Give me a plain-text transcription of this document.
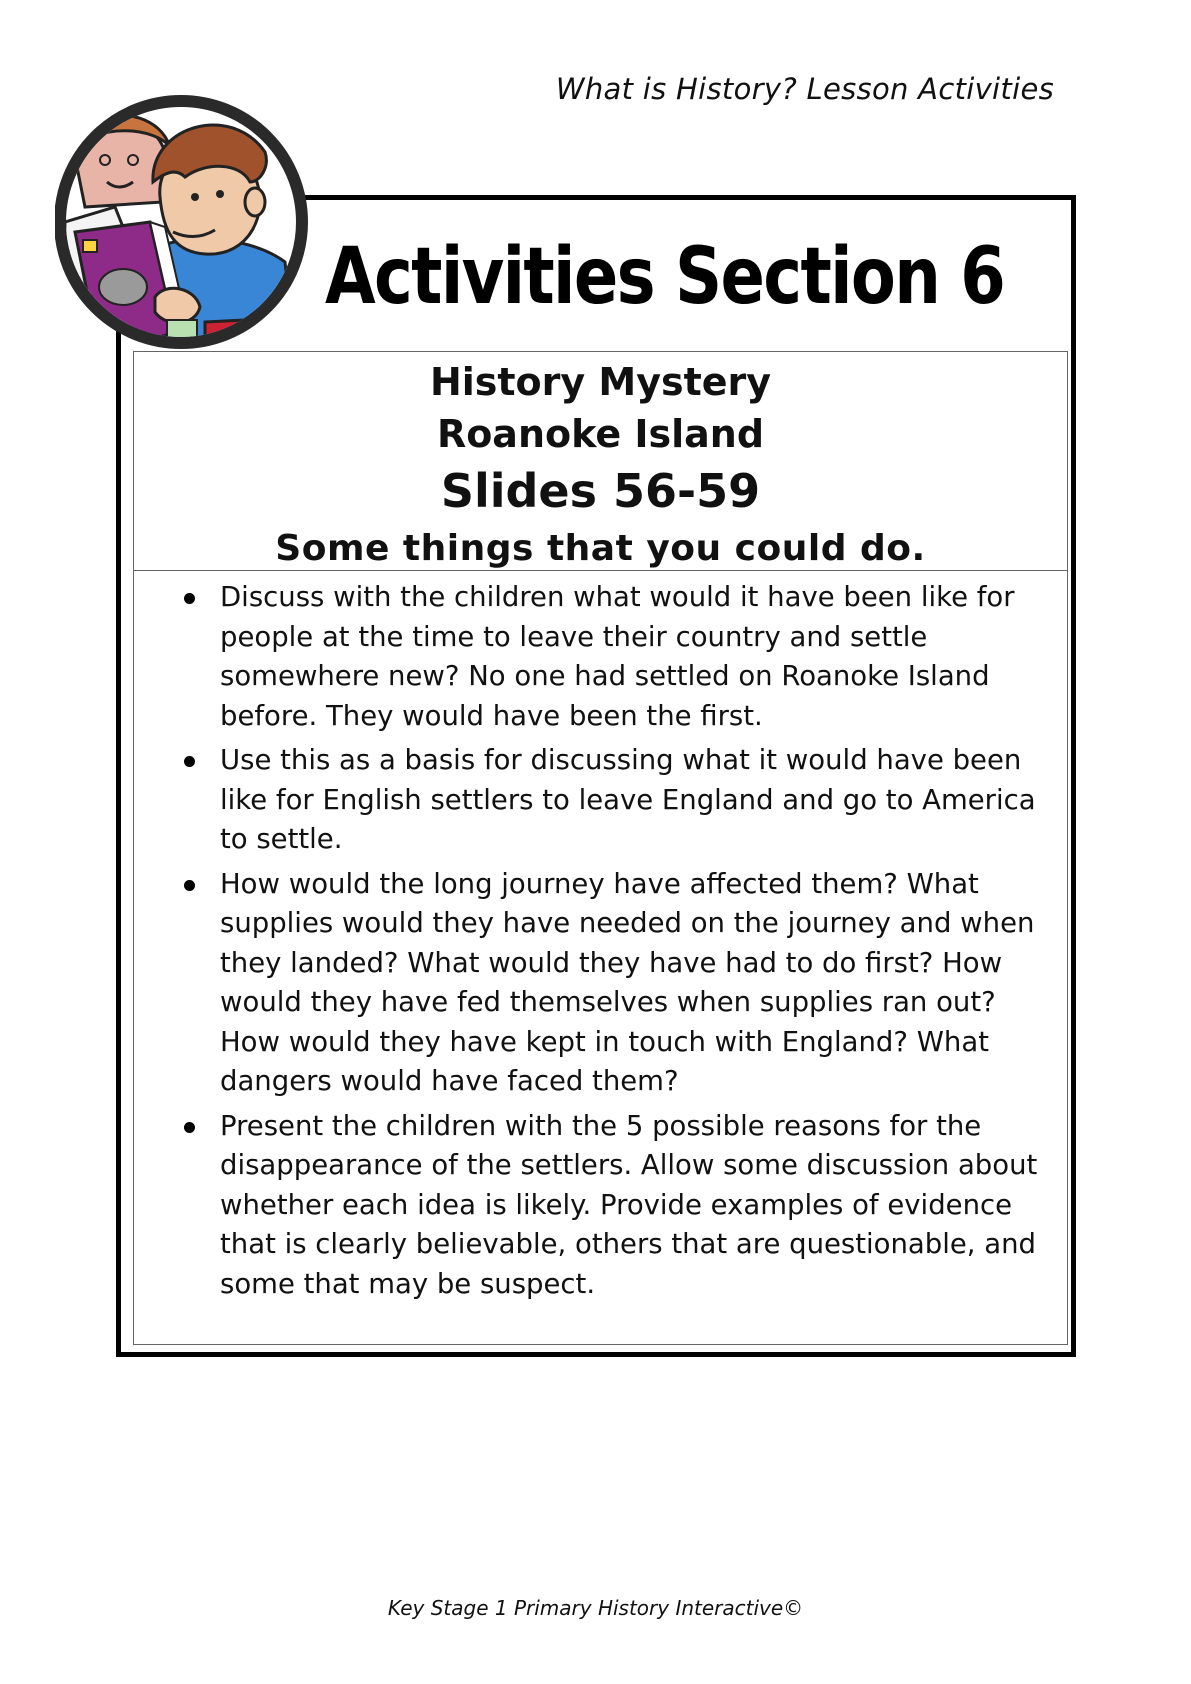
What is History? Lesson Activities
Activities Section 6

History Mystery

Roanoke Island

Slides 56-59

Some things that you could do.

Discuss with the children what would it have been like for people at the time to leave their country and settle somewhere new? No one had settled on Roanoke Island before. They would have been the first.
Use this as a basis for discussing what it would have been like for English settlers to leave England and go to America to settle.
How would the long journey have affected them? What supplies would they have needed on the journey and when they landed? What would they have had to do first? How would they have fed themselves when supplies ran out? How would they have kept in touch with England? What dangers would have faced them?
Present the children with the 5 possible reasons for the disappearance of the settlers. Allow some discussion about whether each idea is likely. Provide examples of evidence that is clearly believable, others that are questionable, and some that may be suspect.
Key Stage 1 Primary History Interactive©
